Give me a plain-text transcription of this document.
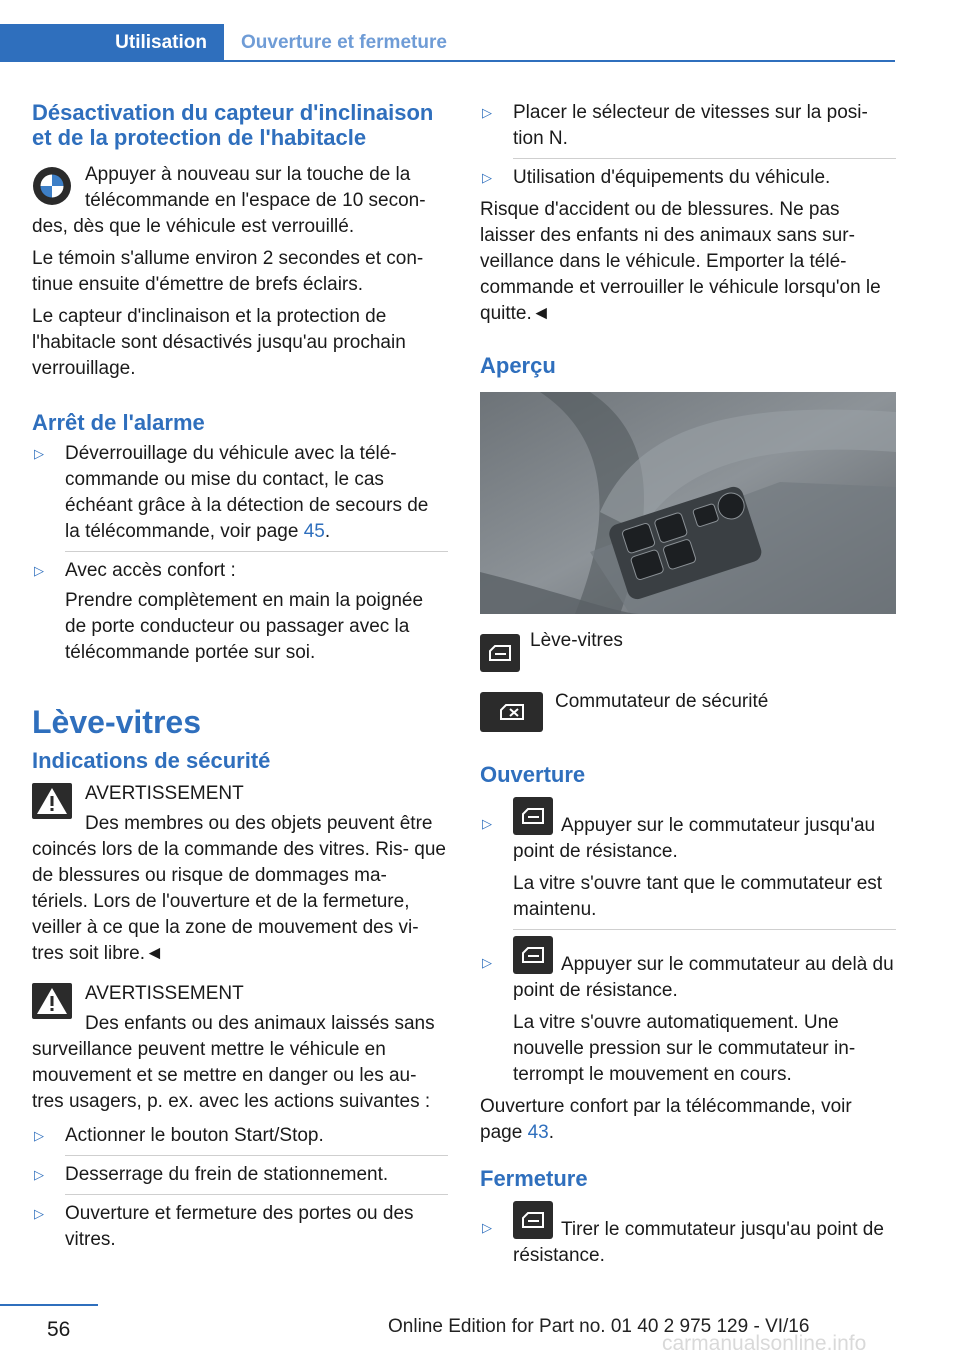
Utilisation	Ouverture et fermeture
Désactivation du capteur d'inclinaison et de la protection de l'habitacle

Appuyer à nouveau sur la touche de la télécommande en l'espace de 10 secon- des, dès que le véhicule est verrouillé.

Le témoin s'allume environ 2 secondes et con- tinue ensuite d'émettre de brefs éclairs.

Le capteur d'inclinaison et la protection de l'habitacle sont désactivés jusqu'au prochain verrouillage.

Arrêt de l'alarme
▷	Déverrouillage du véhicule avec la télé- commande ou mise du contact, le cas échéant grâce à la détection de secours de la télécommande, voir page 45.
▷	Avec accès confort :
Prendre complètement en main la poignée de porte conducteur ou passager avec la télécommande portée sur soi.
Lève-vitres
Indications de sécurité
AVERTISSEMENT
Des membres ou des objets peuvent être

coincés lors de la commande des vitres. Ris- que de blessures ou risque de dommages ma- tériels. Lors de l'ouverture et de la fermeture, veiller à ce que la zone de mouvement des vi- tres soit libre.◄

AVERTISSEMENT
Des enfants ou des animaux laissés sans

surveillance peuvent mettre le véhicule en mouvement et se mettre en danger ou les au- tres usagers, p. ex. avec les actions suivantes :

▷	Actionner le bouton Start/Stop.
▷	Desserrage du frein de stationnement.
▷	Ouverture et fermeture des portes ou des vitres.
▷	Placer le sélecteur de vitesses sur la posi- tion N.
▷	Utilisation d'équipements du véhicule.

Risque d'accident ou de blessures. Ne pas laisser des enfants ni des animaux sans sur- veillance dans le véhicule. Emporter la télé- commande et verrouiller le véhicule lorsqu'on le quitte.◄

Aperçu
Lève-vitres
Commutateur de sécurité
Ouverture
▷	Appuyer sur le commutateur jusqu'au point de résistance.
La vitre s'ouvre tant que le commutateur est maintenu.
▷	Appuyer sur le commutateur au delà du point de résistance.
La vitre s'ouvre automatiquement. Une nouvelle pression sur le commutateur in- terrompt le mouvement en cours.

Ouverture confort par la télécommande, voir page 43.

Fermeture
▷	Tirer le commutateur jusqu'au point de résistance.
56	Online Edition for Part no. 01 40 2 975 129 - VI/16
carmanualsonline.info
